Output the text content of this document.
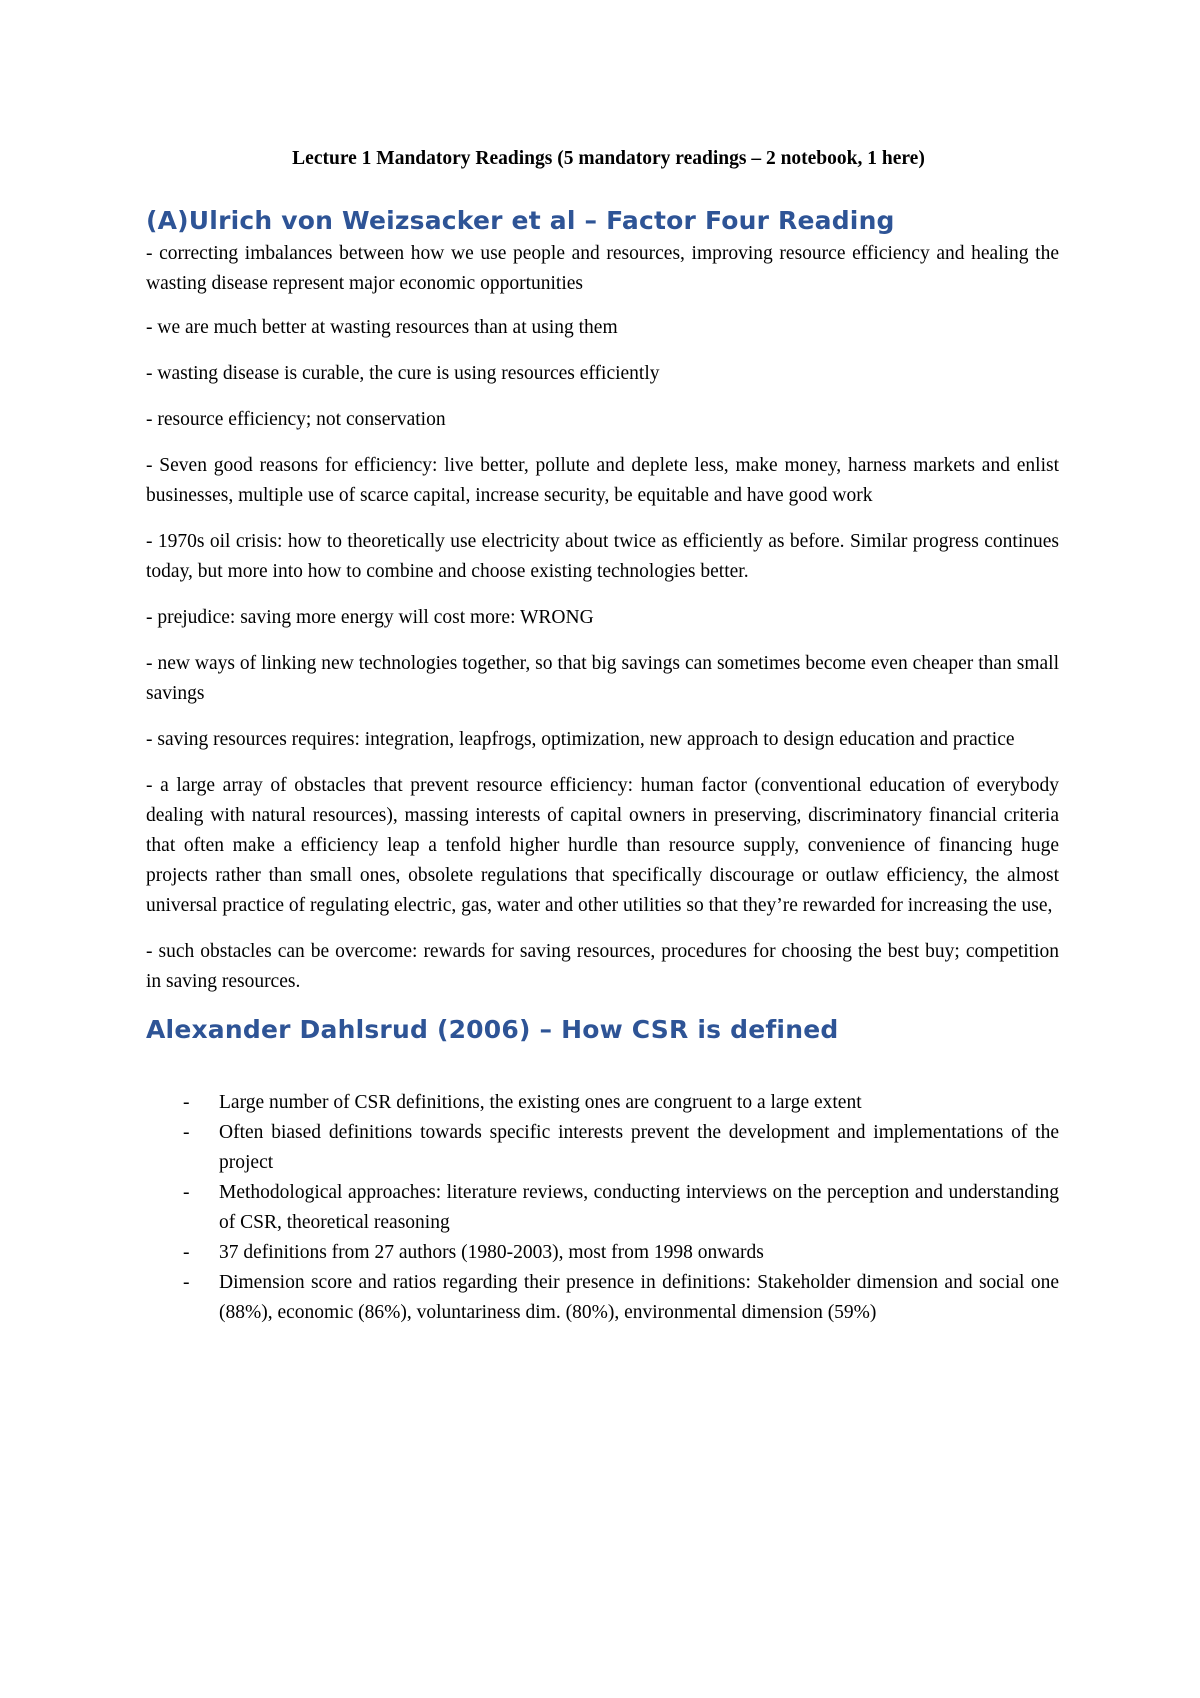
Lecture 1 Mandatory Readings (5 mandatory readings – 2 notebook, 1 here)
(A)Ulrich von Weizsacker et al – Factor Four Reading

- correcting imbalances between how we use people and resources, improving resource efficiency and healing the wasting disease represent major economic opportunities

- we are much better at wasting resources than at using them

- wasting disease is curable, the cure is using resources efficiently

- resource efficiency; not conservation

- Seven good reasons for efficiency: live better, pollute and deplete less, make money, harness markets and enlist businesses, multiple use of scarce capital, increase security, be equitable and have good work

- 1970s oil crisis: how to theoretically use electricity about twice as efficiently as before. Similar progress continues today, but more into how to combine and choose existing technologies better.

- prejudice: saving more energy will cost more: WRONG

- new ways of linking new technologies together, so that big savings can sometimes become even cheaper than small savings

- saving resources requires: integration, leapfrogs, optimization, new approach to design education and practice

- a large array of obstacles that prevent resource efficiency: human factor (conventional education of everybody dealing with natural resources), massing interests of capital owners in preserving, discriminatory financial criteria that often make a efficiency leap a tenfold higher hurdle than resource supply, convenience of financing huge projects rather than small ones, obsolete regulations that specifically discourage or outlaw efficiency, the almost universal practice of regulating electric, gas, water and other utilities so that they’re rewarded for increasing the use,

- such obstacles can be overcome: rewards for saving resources, procedures for choosing the best buy; competition in saving resources.

Alexander Dahlsrud (2006) – How CSR is defined
- Large number of CSR definitions, the existing ones are congruent to a large extent
- Often biased definitions towards specific interests prevent the development and implementations of the project
- Methodological approaches: literature reviews, conducting interviews on the perception and understanding of CSR, theoretical reasoning
- 37 definitions from 27 authors (1980-2003), most from 1998 onwards
- Dimension score and ratios regarding their presence in definitions: Stakeholder dimension and social one (88%), economic (86%), voluntariness dim. (80%), environmental dimension (59%)
